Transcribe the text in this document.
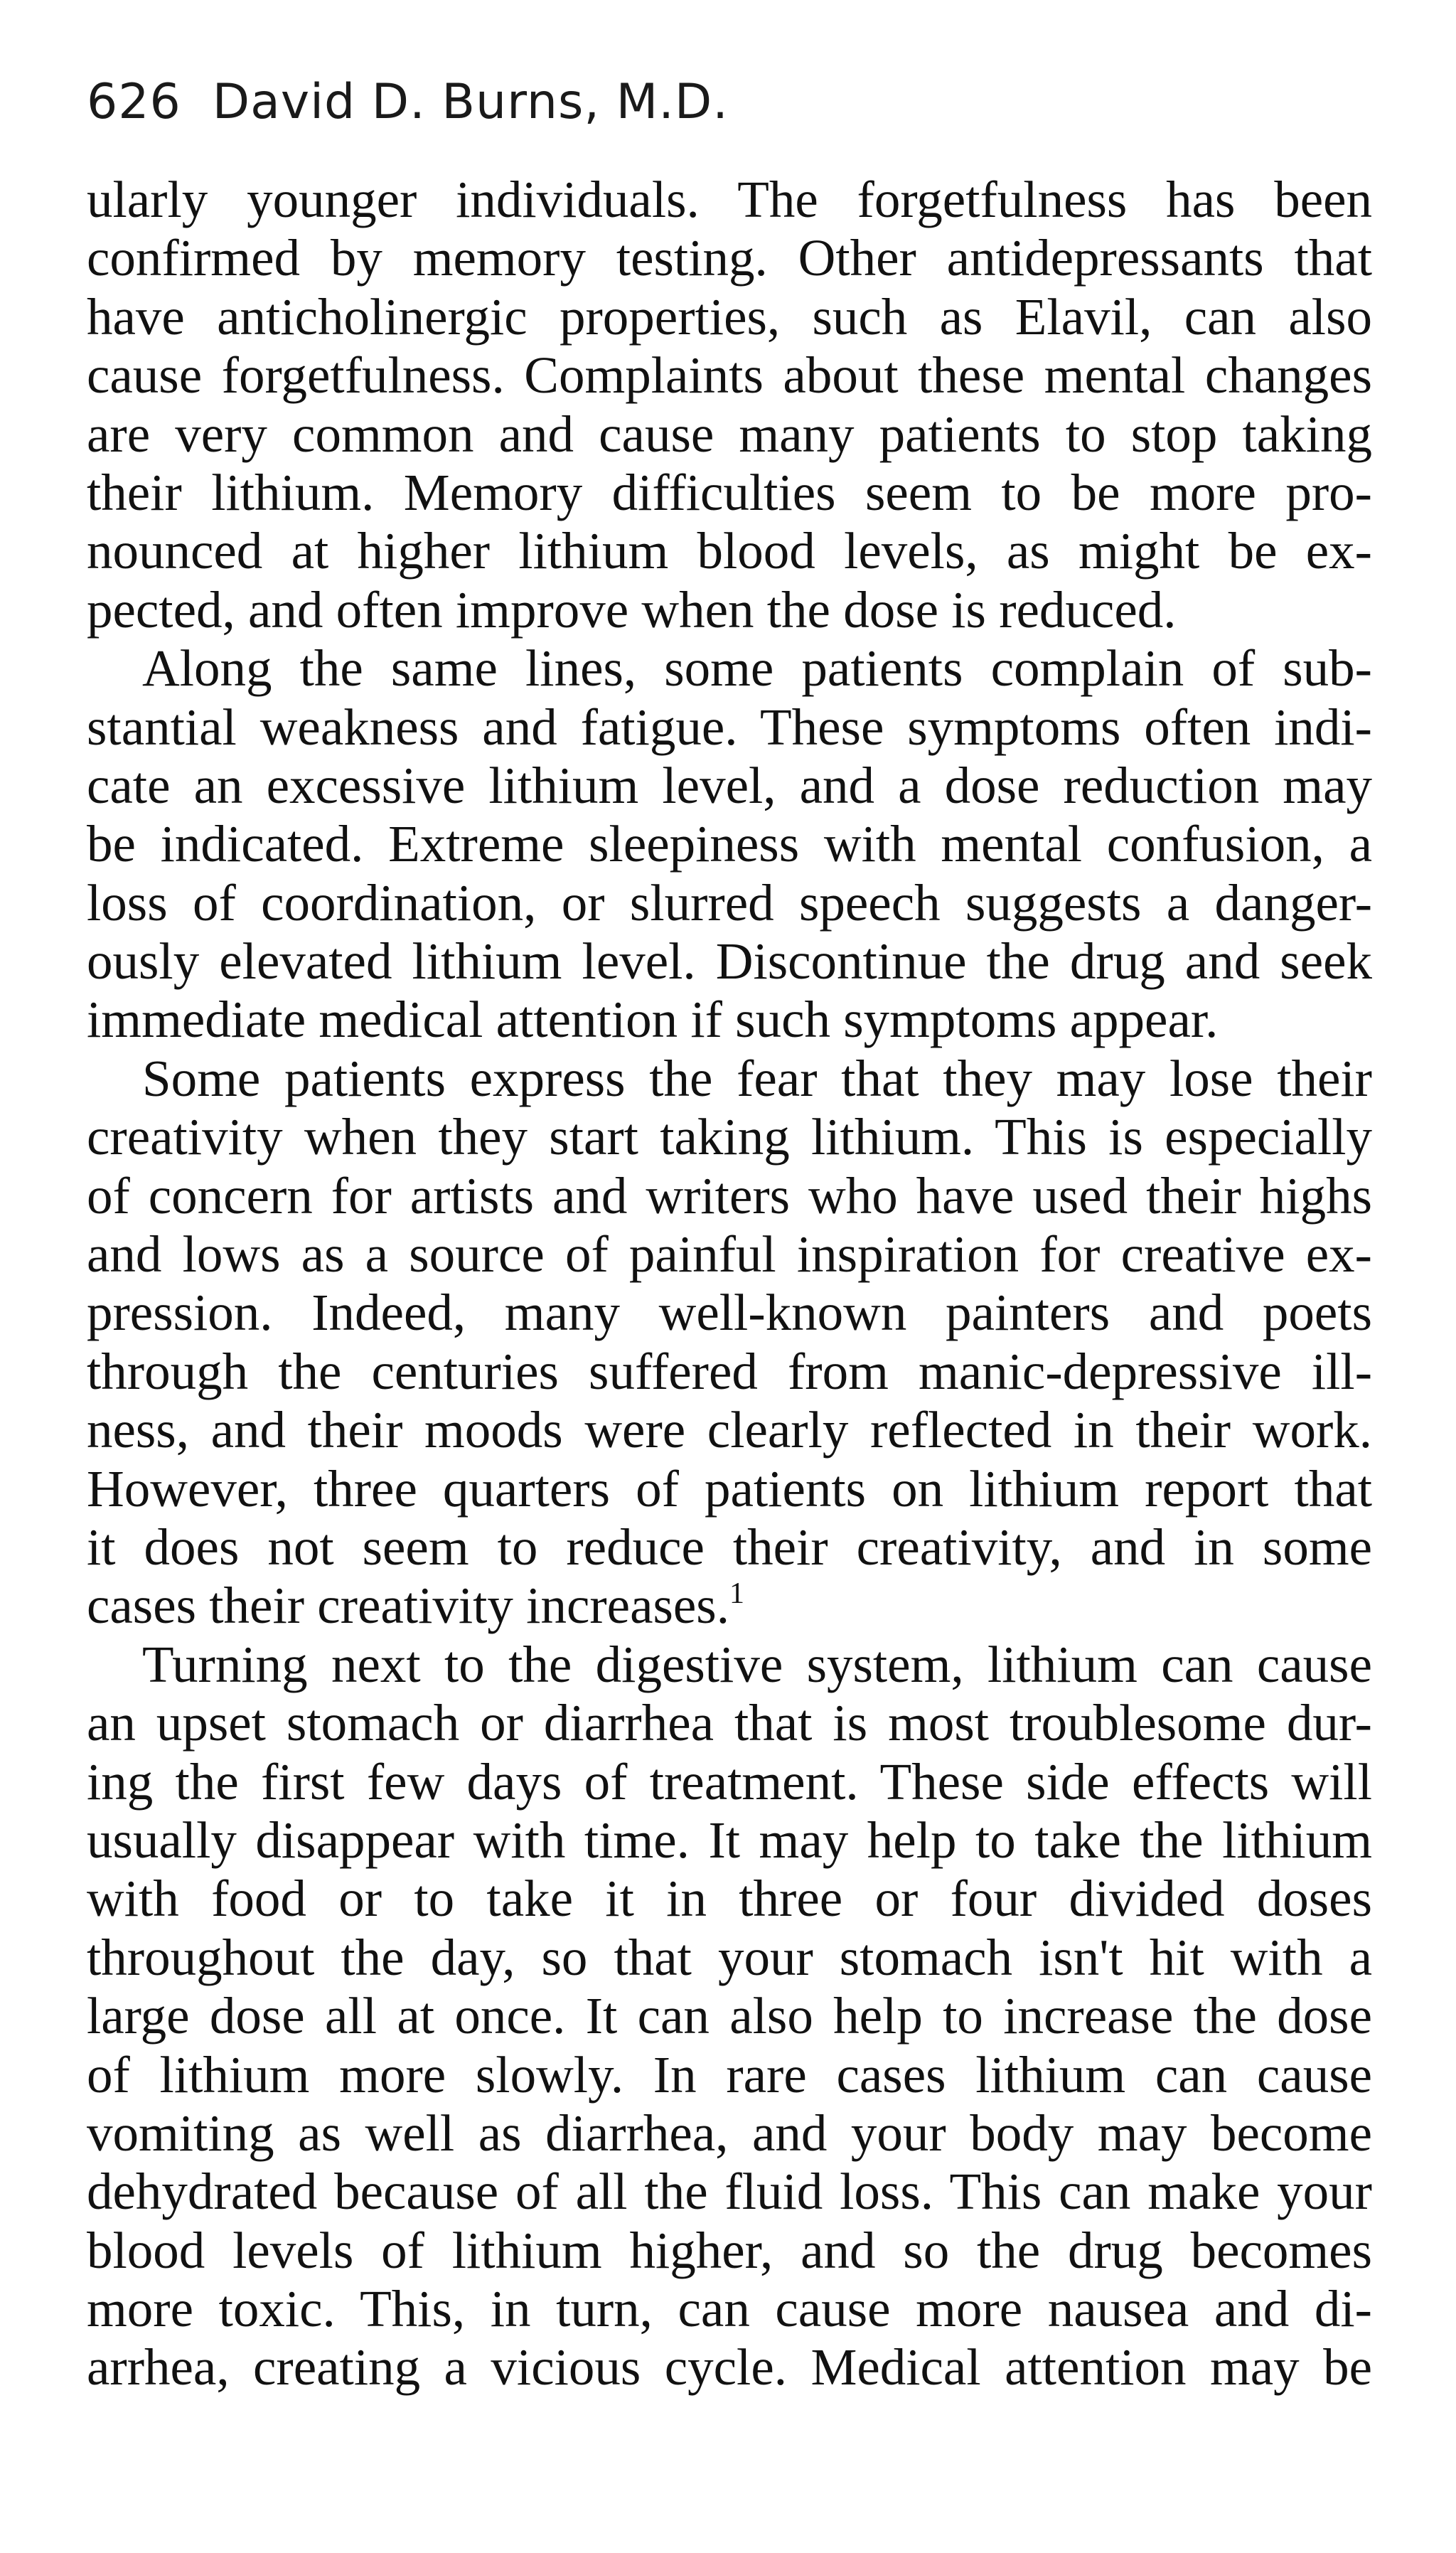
626 David D. Burns, M.D.
ularly younger individuals. The forgetfulness has been
confirmed by memory testing. Other antidepressants that
have anticholinergic properties, such as Elavil, can also
cause forgetfulness. Complaints about these mental changes
are very common and cause many patients to stop taking
their lithium. Memory difficulties seem to be more pro-
nounced at higher lithium blood levels, as might be ex-
pected, and often improve when the dose is reduced.
Along the same lines, some patients complain of sub-
stantial weakness and fatigue. These symptoms often indi-
cate an excessive lithium level, and a dose reduction may
be indicated. Extreme sleepiness with mental confusion, a
loss of coordination, or slurred speech suggests a danger-
ously elevated lithium level. Discontinue the drug and seek
immediate medical attention if such symptoms appear.
Some patients express the fear that they may lose their
creativity when they start taking lithium. This is especially
of concern for artists and writers who have used their highs
and lows as a source of painful inspiration for creative ex-
pression. Indeed, many well-known painters and poets
through the centuries suffered from manic-depressive ill-
ness, and their moods were clearly reflected in their work.
However, three quarters of patients on lithium report that
it does not seem to reduce their creativity, and in some
cases their creativity increases.$^1$
Turning next to the digestive system, lithium can cause
an upset stomach or diarrhea that is most troublesome dur-
ing the first few days of treatment. These side effects will
usually disappear with time. It may help to take the lithium
with food or to take it in three or four divided doses
throughout the day, so that your stomach isn't hit with a
large dose all at once. It can also help to increase the dose
of lithium more slowly. In rare cases lithium can cause
vomiting as well as diarrhea, and your body may become
dehydrated because of all the fluid loss. This can make your
blood levels of lithium higher, and so the drug becomes
more toxic. This, in turn, can cause more nausea and di-
arrhea, creating a vicious cycle. Medical attention may be
